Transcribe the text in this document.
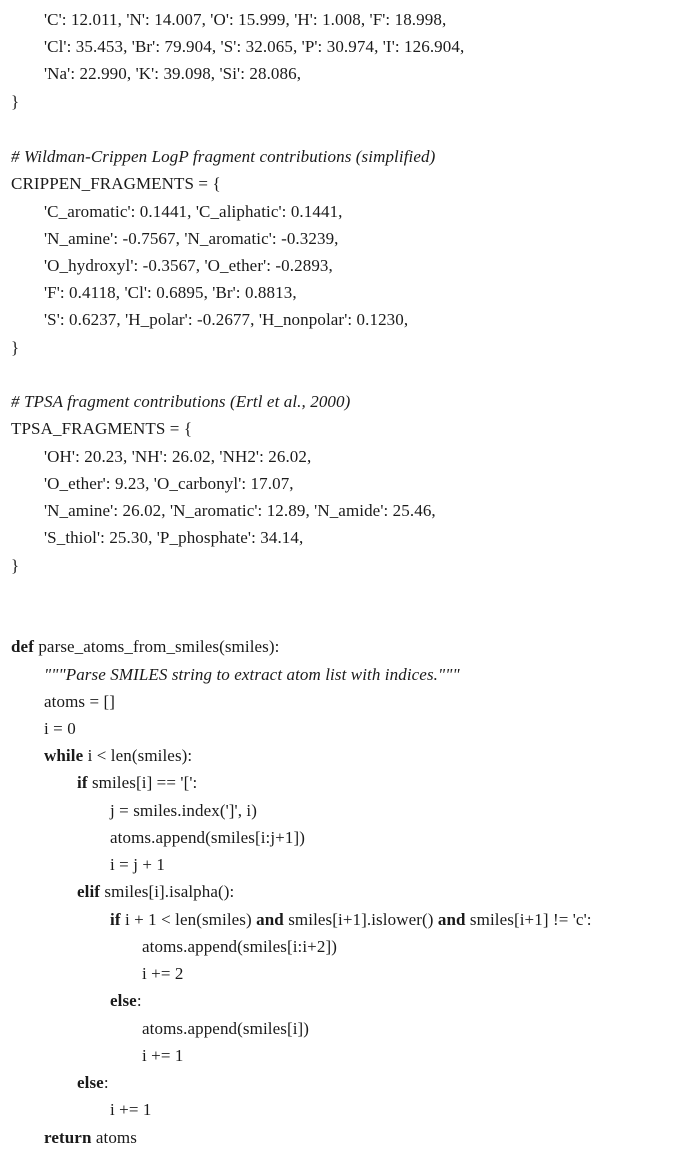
'C': 12.011, 'N': 14.007, 'O': 15.999, 'H': 1.008, 'F': 18.998,
'Cl': 35.453, 'Br': 79.904, 'S': 32.065, 'P': 30.974, 'I': 126.904,
'Na': 22.990, 'K': 39.098, 'Si': 28.086,
}
# Wildman-Crippen LogP fragment contributions (simplified)
CRIPPEN_FRAGMENTS = {
'C_aromatic': 0.1441, 'C_aliphatic': 0.1441,
'N_amine': -0.7567, 'N_aromatic': -0.3239,
'O_hydroxyl': -0.3567, 'O_ether': -0.2893,
'F': 0.4118, 'Cl': 0.6895, 'Br': 0.8813,
'S': 0.6237, 'H_polar': -0.2677, 'H_nonpolar': 0.1230,
}
# TPSA fragment contributions (Ertl et al., 2000)
TPSA_FRAGMENTS = {
'OH': 20.23, 'NH': 26.02, 'NH2': 26.02,
'O_ether': 9.23, 'O_carbonyl': 17.07,
'N_amine': 26.02, 'N_aromatic': 12.89, 'N_amide': 25.46,
'S_thiol': 25.30, 'P_phosphate': 34.14,
}
def parse_atoms_from_smiles(smiles):
"""Parse SMILES string to extract atom list with indices."""
atoms = []
i = 0
while i < len(smiles):
if smiles[i] == '[':
j = smiles.index(']', i)
atoms.append(smiles[i:j+1])
i = j + 1
elif smiles[i].isalpha():
if i + 1 < len(smiles) and smiles[i+1].islower() and smiles[i+1] != 'c':
atoms.append(smiles[i:i+2])
i += 2
else:
atoms.append(smiles[i])
i += 1
else:
i += 1
return atoms
